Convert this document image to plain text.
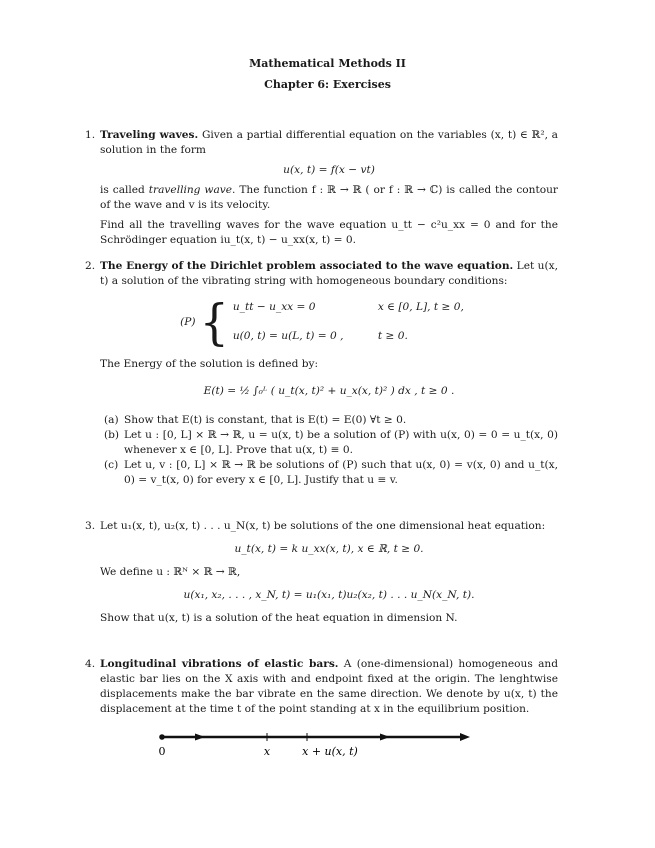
Mathematical Methods II
Chapter 6: Exercises
1. Traveling waves. Given a partial differential equation on the variables (x, t) ∈ ℝ², a solution in the form

u(x, t) = f(x − vt)

is called travelling wave. The function f : ℝ → ℝ ( or f : ℝ → ℂ) is called the contour of the wave and v is its velocity.

Find all the travelling waves for the wave equation u_tt − c²u_xx = 0 and for the Schrödinger equation iu_t(x, t) − u_xx(x, t) = 0.

2. The Energy of the Dirichlet problem associated to the wave equation. Let u(x, t) a solution of the vibrating string with homogeneous boundary conditions:

(P) { u_tt − u_xx = 0	x ∈ [0, L], t ≥ 0,
u(0, t) = u(L, t) = 0 ,	t ≥ 0.

The Energy of the solution is defined by:

E(t) = ½ ∫₀ᴸ ( u_t(x, t)² + u_x(x, t)² ) dx , t ≥ 0 .
(a) Show that E(t) is constant, that is E(t) = E(0) ∀t ≥ 0.
(b) Let u : [0, L] × ℝ → ℝ, u = u(x, t) be a solution of (P) with u(x, 0) = 0 = u_t(x, 0) whenever x ∈ [0, L]. Prove that u(x, t) ≡ 0.
(c) Let u, v : [0, L] × ℝ → ℝ be solutions of (P) such that u(x, 0) = v(x, 0) and u_t(x, 0) = v_t(x, 0) for every x ∈ [0, L]. Justify that u ≡ v.
3. Let u₁(x, t), u₂(x, t) . . . u_N(x, t) be solutions of the one dimensional heat equation:

u_t(x, t) = k u_xx(x, t), x ∈ ℝ, t ≥ 0.

We define u : ℝᴺ × ℝ → ℝ,

u(x₁, x₂, . . . , x_N, t) = u₁(x₁, t)u₂(x₂, t) . . . u_N(x_N, t).

Show that u(x, t) is a solution of the heat equation in dimension N.

4. Longitudinal vibrations of elastic bars. A (one-dimensional) homogeneous and elastic bar lies on the X axis with and endpoint fixed at the origin. The lenghtwise displacements make the bar vibrate en the same direction. We denote by u(x, t) the displacement at the time t of the point standing at x in the equilibrium position.

0	x	x + u(x, t)
